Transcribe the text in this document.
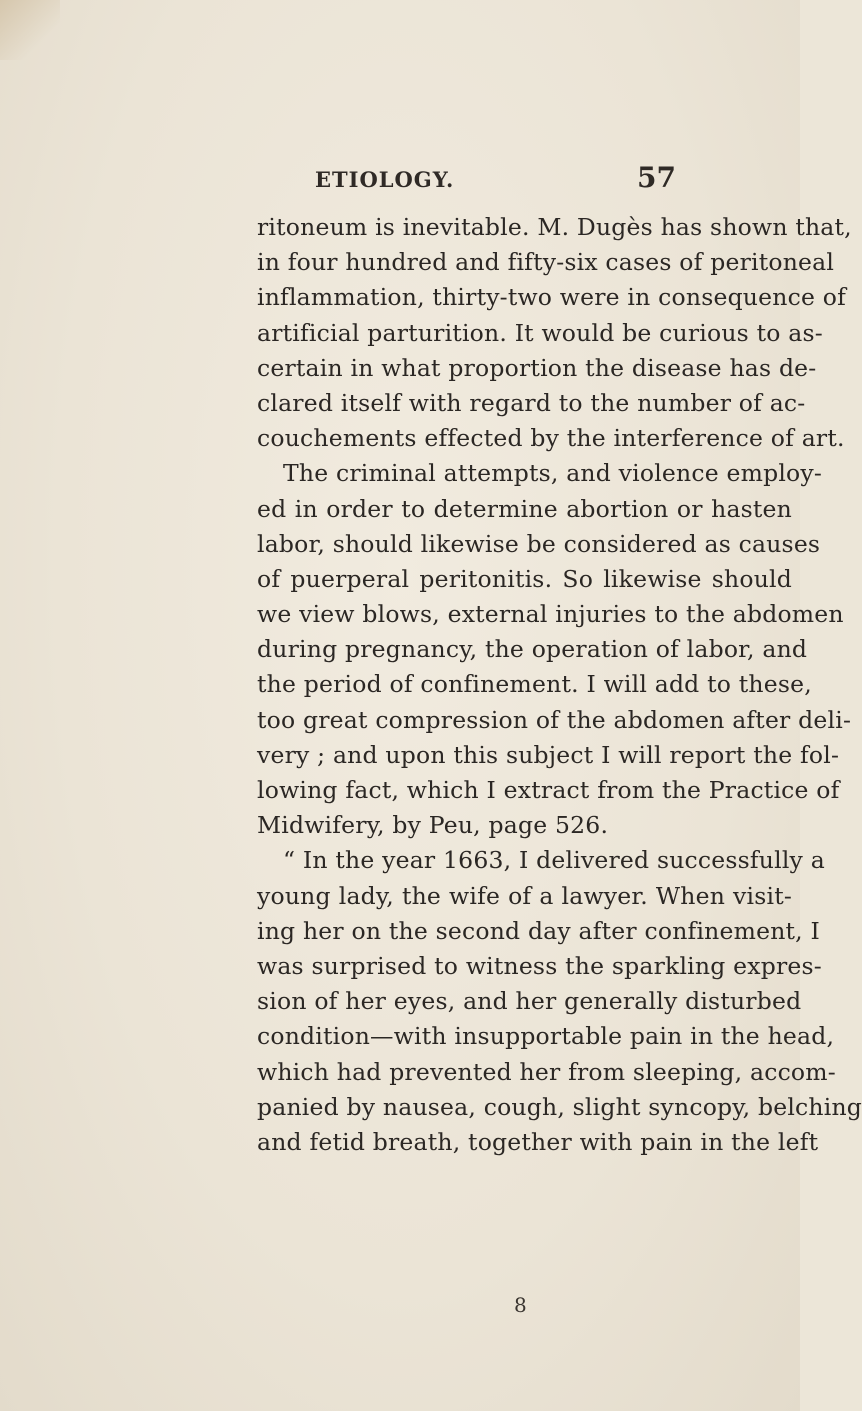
ETIOLOGY.	57
ritoneum is inevitable. M. Dugès has shown that,
in four hundred and fifty-six cases of peritoneal
inflammation, thirty-two were in consequence of
artificial parturition. It would be curious to as-
certain in what proportion the disease has de-
clared itself with regard to the number of ac-
couchements effected by the interference of art.
The criminal attempts, and violence employ-
ed in order to determine abortion or hasten
labor, should likewise be considered as causes
of puerperal peritonitis. So likewise should
we view blows, external injuries to the abdomen
during pregnancy, the operation of labor, and
the period of confinement. I will add to these,
too great compression of the abdomen after deli-
very ; and upon this subject I will report the fol-
lowing fact, which I extract from the Practice of
Midwifery, by Peu, page 526.
“ In the year 1663, I delivered successfully a
young lady, the wife of a lawyer. When visit-
ing her on the second day after confinement, I
was surprised to witness the sparkling expres-
sion of her eyes, and her generally disturbed
condition—with insupportable pain in the head,
which had prevented her from sleeping, accom-
panied by nausea, cough, slight syncopy, belching
and fetid breath, together with pain in the left
8
